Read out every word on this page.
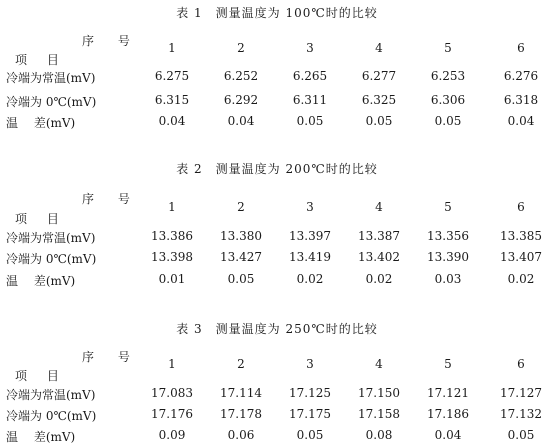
表 1　测量温度为 100℃时的比较
序 号
项 目
1	2	3	4	5	6
冷端为常温(mV)	6.275	6.252	6.265	6.277	6.253	6.276
冷端为 0℃(mV)	6.315	6.292	6.311	6.325	6.306	6.318
温　 差(mV)	0.04	0.04	0.05	0.05	0.05	0.04
表 2　测量温度为 200℃时的比较
序 号
项 目
1	2	3	4	5	6
冷端为常温(mV)	13.386	13.380	13.397	13.387	13.356	13.385
冷端为 0℃(mV)	13.398	13.427	13.419	13.402	13.390	13.407
温　 差(mV)	0.01	0.05	0.02	0.02	0.03	0.02
表 3　测量温度为 250℃时的比较
序 号
项 目
1	2	3	4	5	6
冷端为常温(mV)	17.083	17.114	17.125	17.150	17.121	17.127
冷端为 0℃(mV)	17.176	17.178	17.175	17.158	17.186	17.132
温　 差(mV)	0.09	0.06	0.05	0.08	0.04	0.05
